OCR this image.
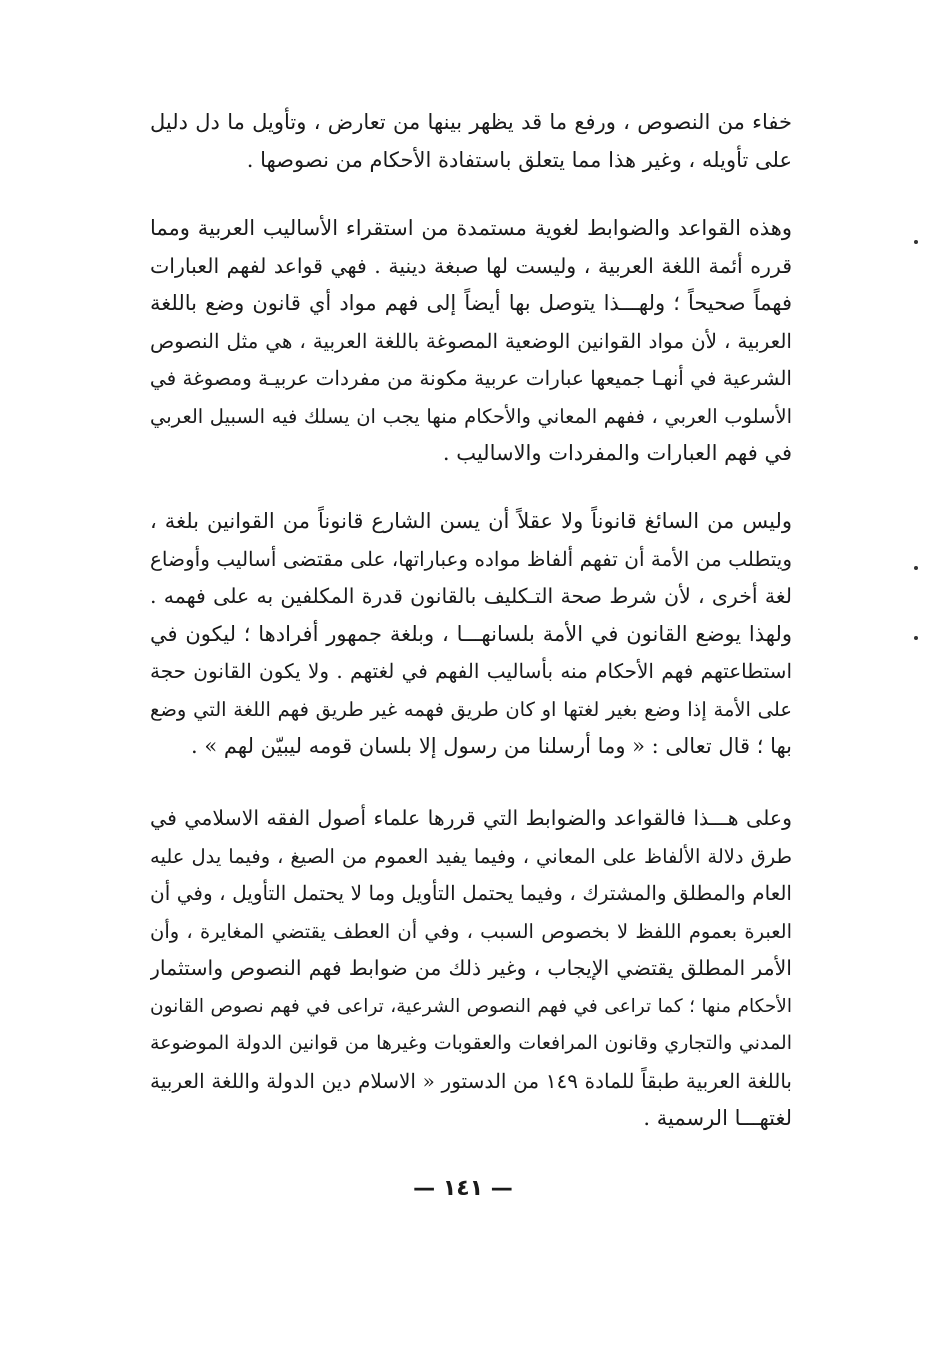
خفاء من النصوص ، ورفع ما قد يظهر بينها من تعارض ، وتأويل ما دل دليل
على تأويله ، وغير هذا مما يتعلق باستفادة الأحكام من نصوصها .
وهذه القواعد والضوابط لغوية مستمدة من استقراء الأساليب العربية ومما
قرره أئمة اللغة العربية ، وليست لها صبغة دينية . فهي قواعد لفهم العبارات
فهماً صحيحاً ؛ ولهـــذا يتوصل بها أيضاً إلى فهم مواد أي قانون وضع باللغة
العربية ، لأن مواد القوانين الوضعية المصوغة باللغة العربية ، هي مثل النصوص
الشرعية في أنهـا جميعها عبارات عربية مكونة من مفردات عربيـة ومصوغة في
الأسلوب العربي ، ففهم المعاني والأحكام منها يجب ان يسلك فيه السبيل العربي
في فهم العبارات والمفردات والاساليب .
وليس من السائغ قانوناً ولا عقلاً أن يسن الشارع قانوناً من القوانين بلغة ،
ويتطلب من الأمة أن تفهم ألفاظ مواده وعباراتها، على مقتضى أساليب وأوضاع
لغة أخرى ، لأن شرط صحة التـكليف بالقانون قدرة المكلفين به على فهمه .
ولهذا يوضع القانون في الأمة بلسانهـــا ، وبلغة جمهور أفرادها ؛ ليكون في
استطاعتهم فهم الأحكام منه بأساليب الفهم في لغتهم . ولا يكون القانون حجة
على الأمة إذا وضع بغير لغتها او كان طريق فهمه غير طريق فهم اللغة التي وضع
بها ؛ قال تعالى : « وما أرسلنا من رسول إلا بلسان قومه ليبيّن لهم » .
وعلى هـــذا فالقواعد والضوابط التي قررها علماء أصول الفقه الاسلامي في
طرق دلالة الألفاظ على المعاني ، وفيما يفيد العموم من الصيغ ، وفيما يدل عليه
العام والمطلق والمشترك ، وفيما يحتمل التأويل وما لا يحتمل التأويل ، وفي أن
العبرة بعموم اللفظ لا بخصوص السبب ، وفي أن العطف يقتضي المغايرة ، وأن
الأمر المطلق يقتضي الإيجاب ، وغير ذلك من ضوابط فهم النصوص واستثمار
الأحكام منها ؛ كما تراعى في فهم النصوص الشرعية، تراعى في فهم نصوص القانون
المدني والتجاري وقانون المرافعات والعقوبات وغيرها من قوانين الدولة الموضوعة
باللغة العربية طبقاً للمادة ١٤٩ من الدستور « الاسلام دين الدولة واللغة العربية
لغتهـــا الرسمية .
— ١٤١ —
